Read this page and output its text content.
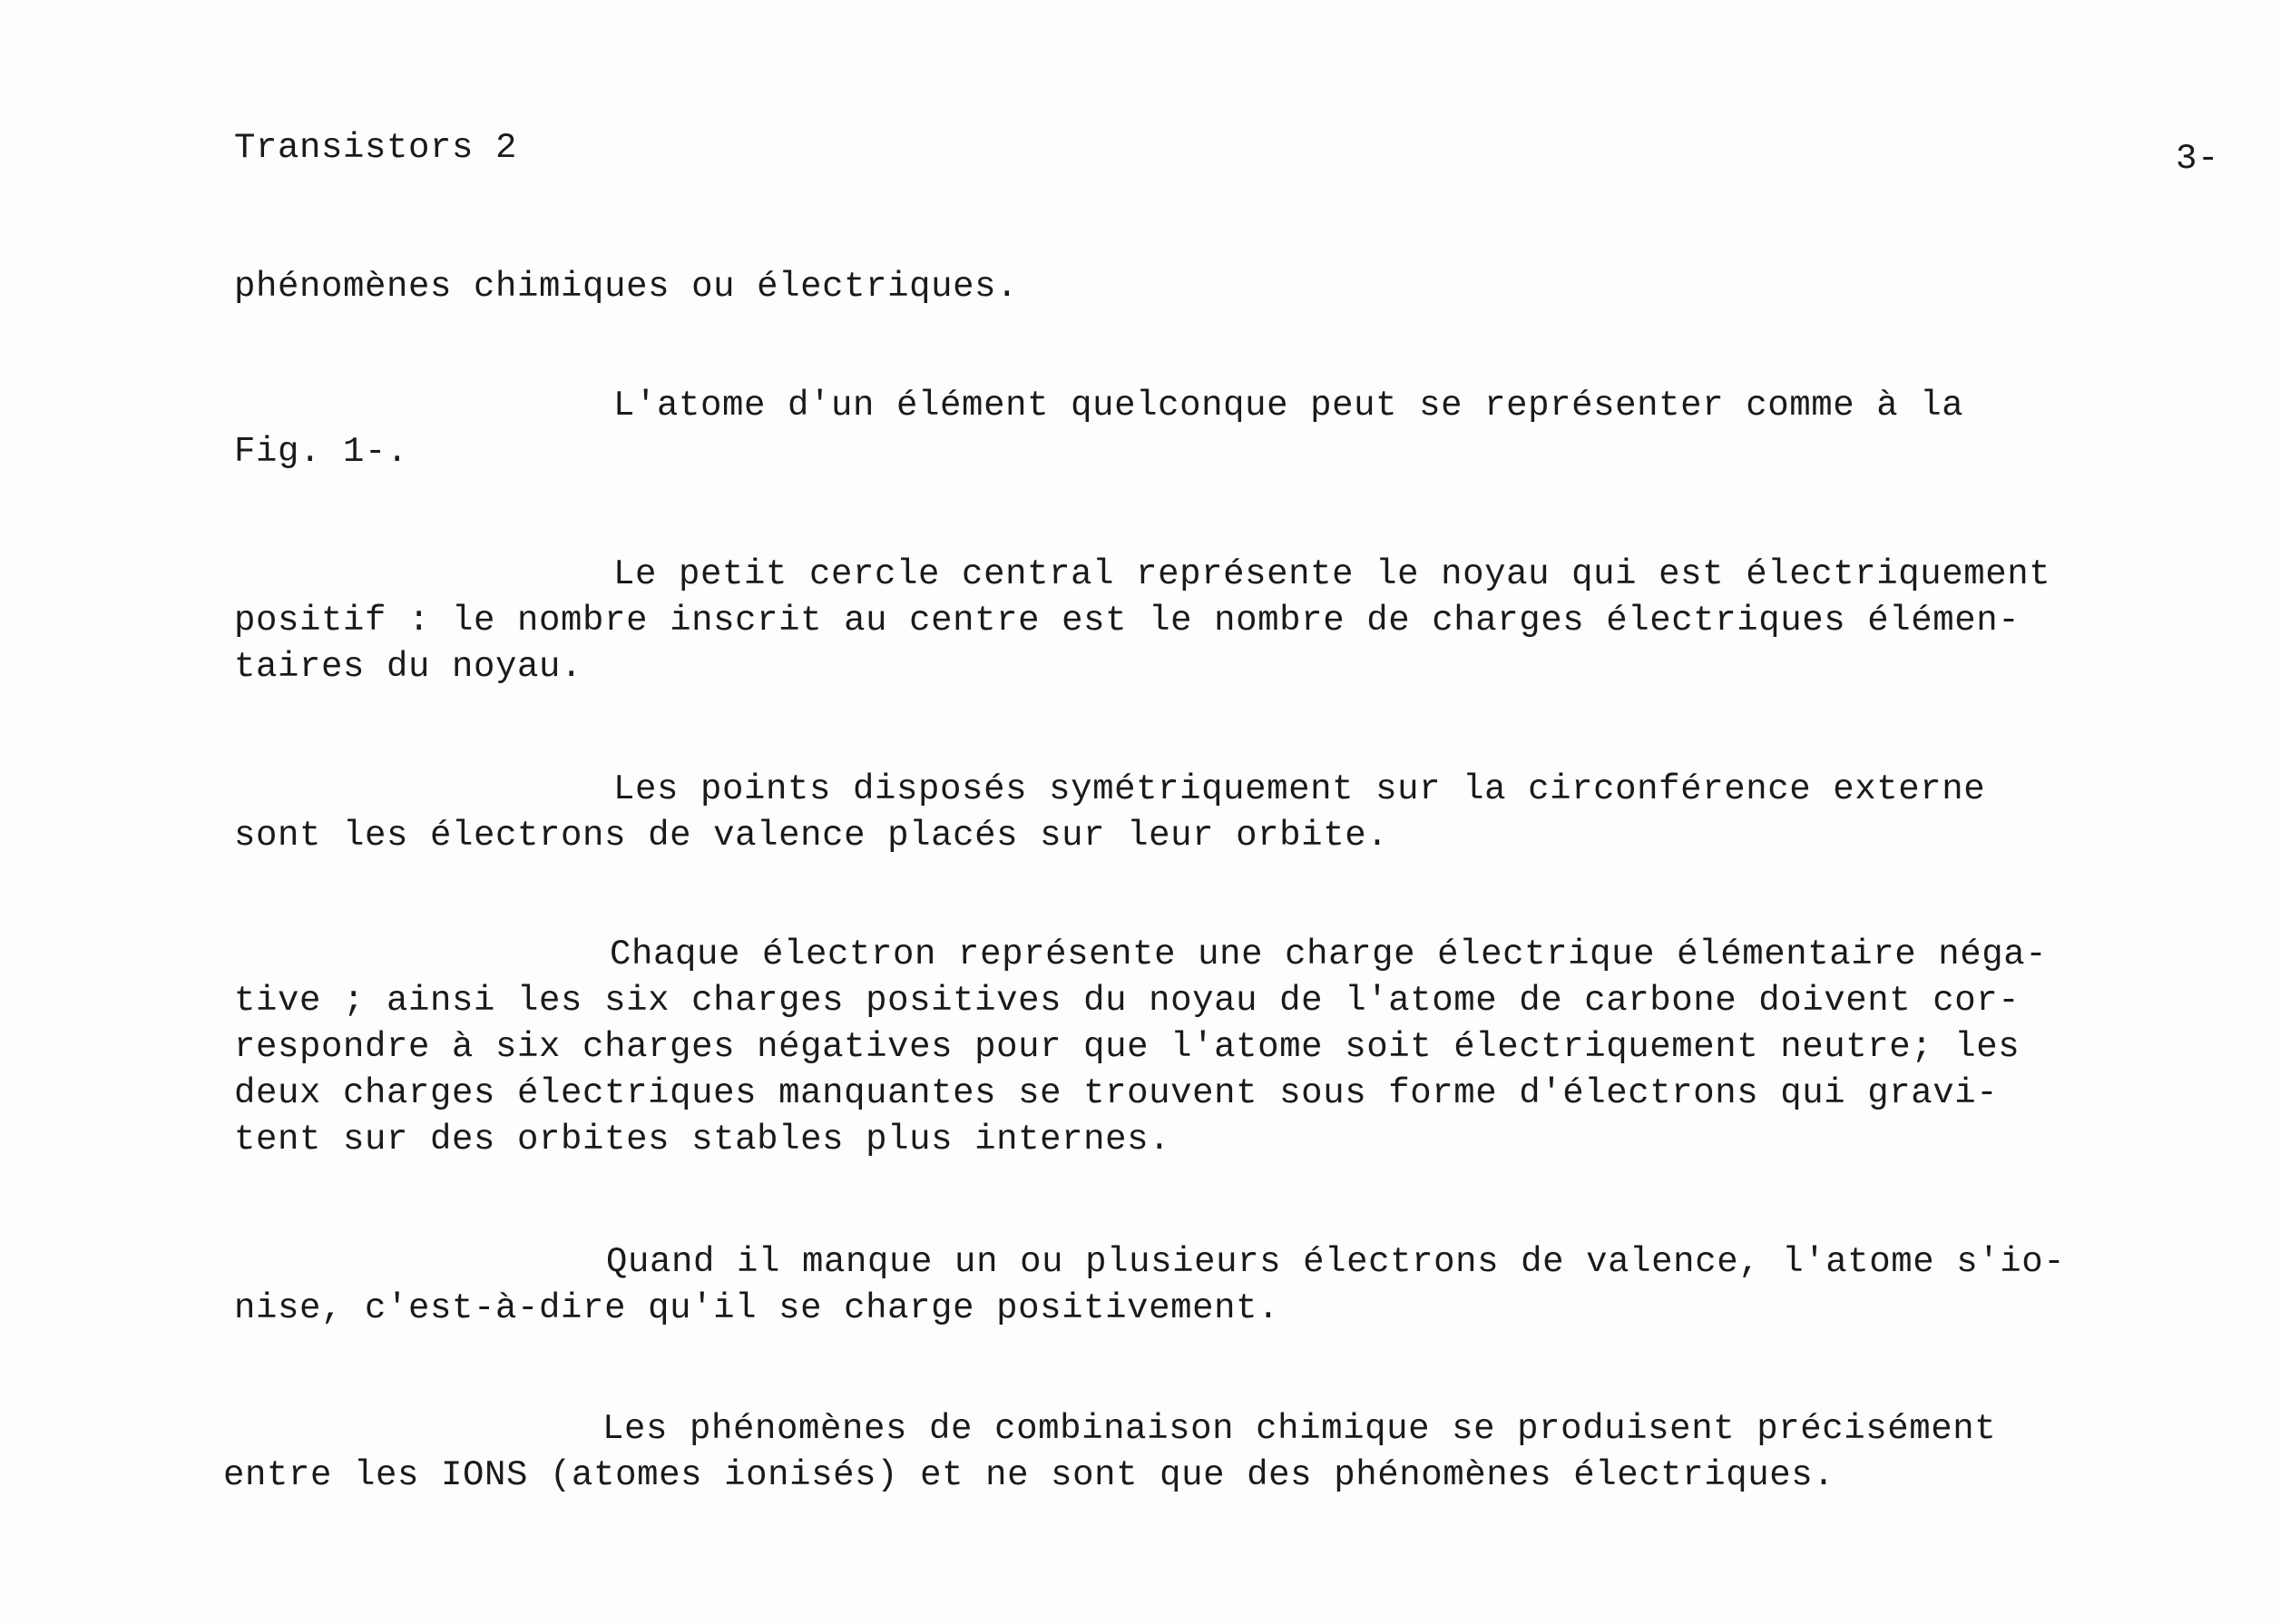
Transistors 2	3-
phénomènes chimiques ou électriques.
L'atome d'un élément quelconque peut se représenter comme à la
Fig. 1-.
Le petit cercle central représente le noyau qui est électriquement
positif : le nombre inscrit au centre est le nombre de charges électriques élémen-
taires du noyau.
Les points disposés symétriquement sur la circonférence externe
sont les électrons de valence placés sur leur orbite.
Chaque électron représente une charge électrique élémentaire néga-
tive ; ainsi les six charges positives du noyau de l'atome de carbone doivent cor-
respondre à six charges négatives pour que l'atome soit électriquement neutre; les
deux charges électriques manquantes se trouvent sous forme d'électrons qui gravi-
tent sur des orbites stables plus internes.
Quand il manque un ou plusieurs électrons de valence, l'atome s'io-
nise, c'est-à-dire qu'il se charge positivement.
Les phénomènes de combinaison chimique se produisent précisément
entre les IONS (atomes ionisés) et ne sont que des phénomènes électriques.
